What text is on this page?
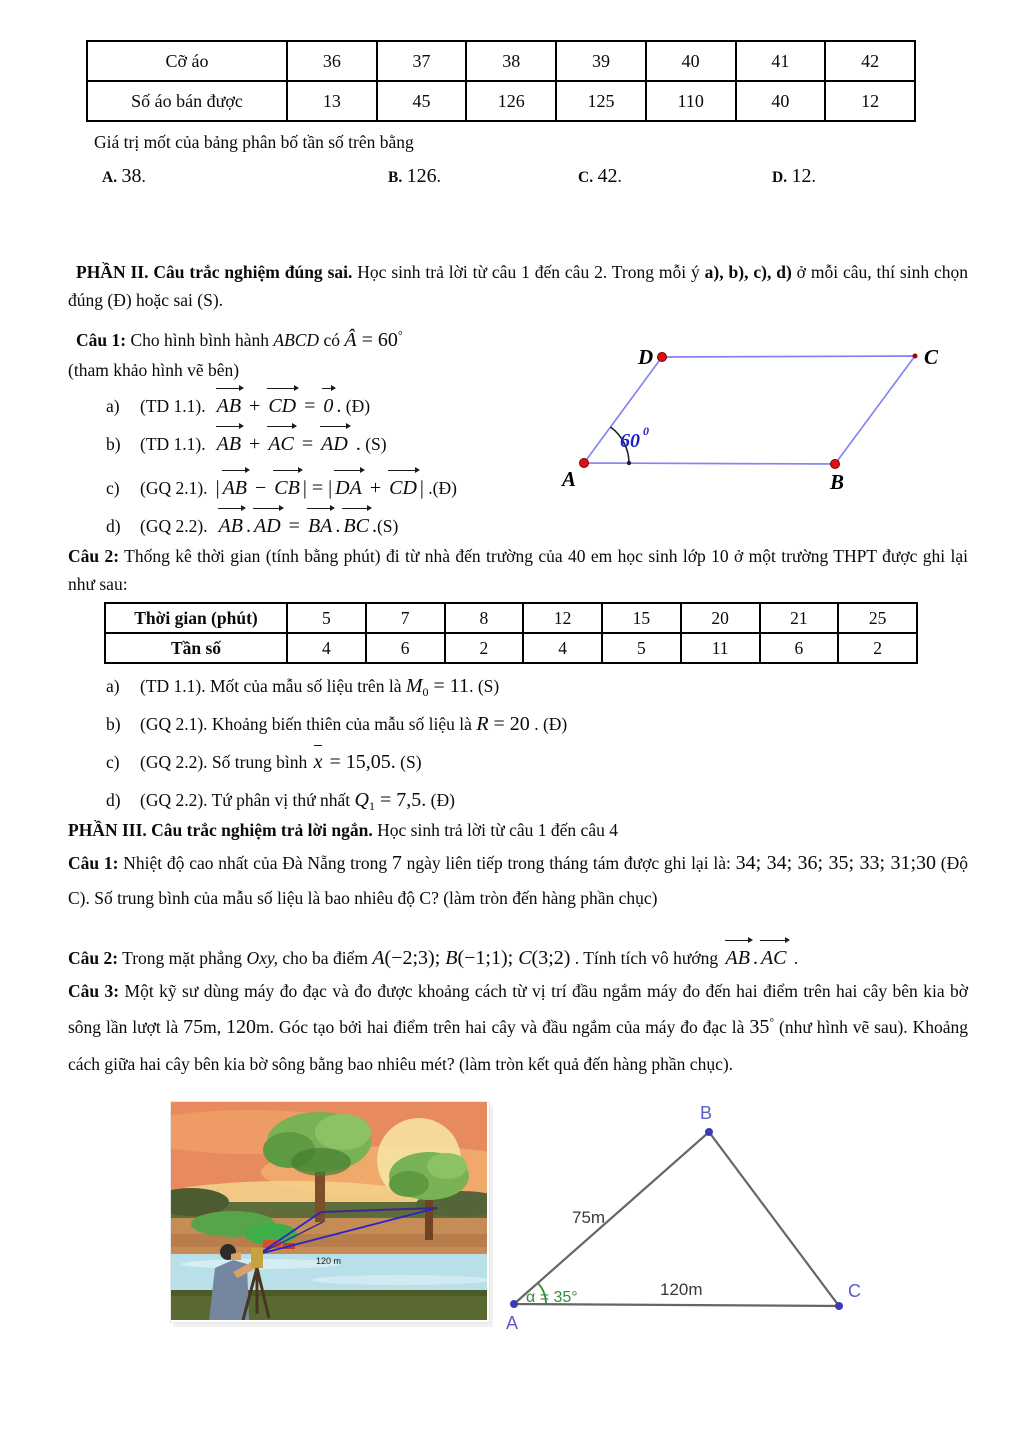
Cỡ áo	36	37	38	39	40	41	42
Số áo bán được	13	45	126	125	110	40	12
Giá trị mốt của bảng phân bố tần số trên bằng
A. 38.	B. 126.	C. 42.	D. 12.
PHẦN II. Câu trắc nghiệm đúng sai. Học sinh trả lời từ câu 1 đến câu 2. Trong mỗi ý a), b), c), d) ở mỗi câu, thí sinh chọn đúng (Đ) hoặc sai (S).
Câu 1: Cho hình bình hành ABCD có Â = 60°
(tham khảo hình vẽ bên)
a) (TD 1.1). AB + CD = 0 . (Đ)
b) (TD 1.1). AB + AC = AD . (S)
c) (GQ 2.1). | AB − CB | = | DA + CD | .(Đ)
d) (GQ 2.2). AB . AD = BA . BC .(S)
D	C
A	B
60 0
Câu 2: Thống kê thời gian (tính bằng phút) đi từ nhà đến trường của 40 em học sinh lớp 10 ở một trường THPT được ghi lại như sau:
Thời gian (phút)	5	7	8	12	15	20	21	25
Tần số	4	6	2	4	5	11	6	2
a) (TD 1.1). Mốt của mẫu số liệu trên là $M_0 = 11$. (S)
b) (GQ 2.1). Khoảng biến thiên của mẫu số liệu là R = 20 . (Đ)
c) (GQ 2.2). Số trung bình x = 15,05. (S)
d) (GQ 2.2). Tứ phân vị thứ nhất $Q_1 = 7,5$. (Đ)
PHẦN III. Câu trắc nghiệm trả lời ngắn. Học sinh trả lời từ câu 1 đến câu 4
Câu 1: Nhiệt độ cao nhất của Đà Nẵng trong 7 ngày liên tiếp trong tháng tám được ghi lại là: 34; 34; 36; 35; 33; 31;30 (Độ C). Số trung bình của mẫu số liệu là bao nhiêu độ C? (làm tròn đến hàng phần chục)
Câu 2: Trong mặt phẳng Oxy, cho ba điểm A(−2;3); B(−1;1); C(3;2) . Tính tích vô hướng AB . AC .
Câu 3: Một kỹ sư dùng máy đo đạc và đo được khoảng cách từ vị trí đầu ngắm máy đo đến hai điểm trên hai cây bên kia bờ sông lần lượt là 75m, 120m. Góc tạo bởi hai điểm trên hai cây và đầu ngắm của máy đo đạc là 35° (như hình vẽ sau). Khoảng cách giữa hai cây bên kia bờ sông bằng bao nhiêu mét? (làm tròn kết quả đến hàng phần chục).
120 m
B
C
A
75m
120m
α = 35°
